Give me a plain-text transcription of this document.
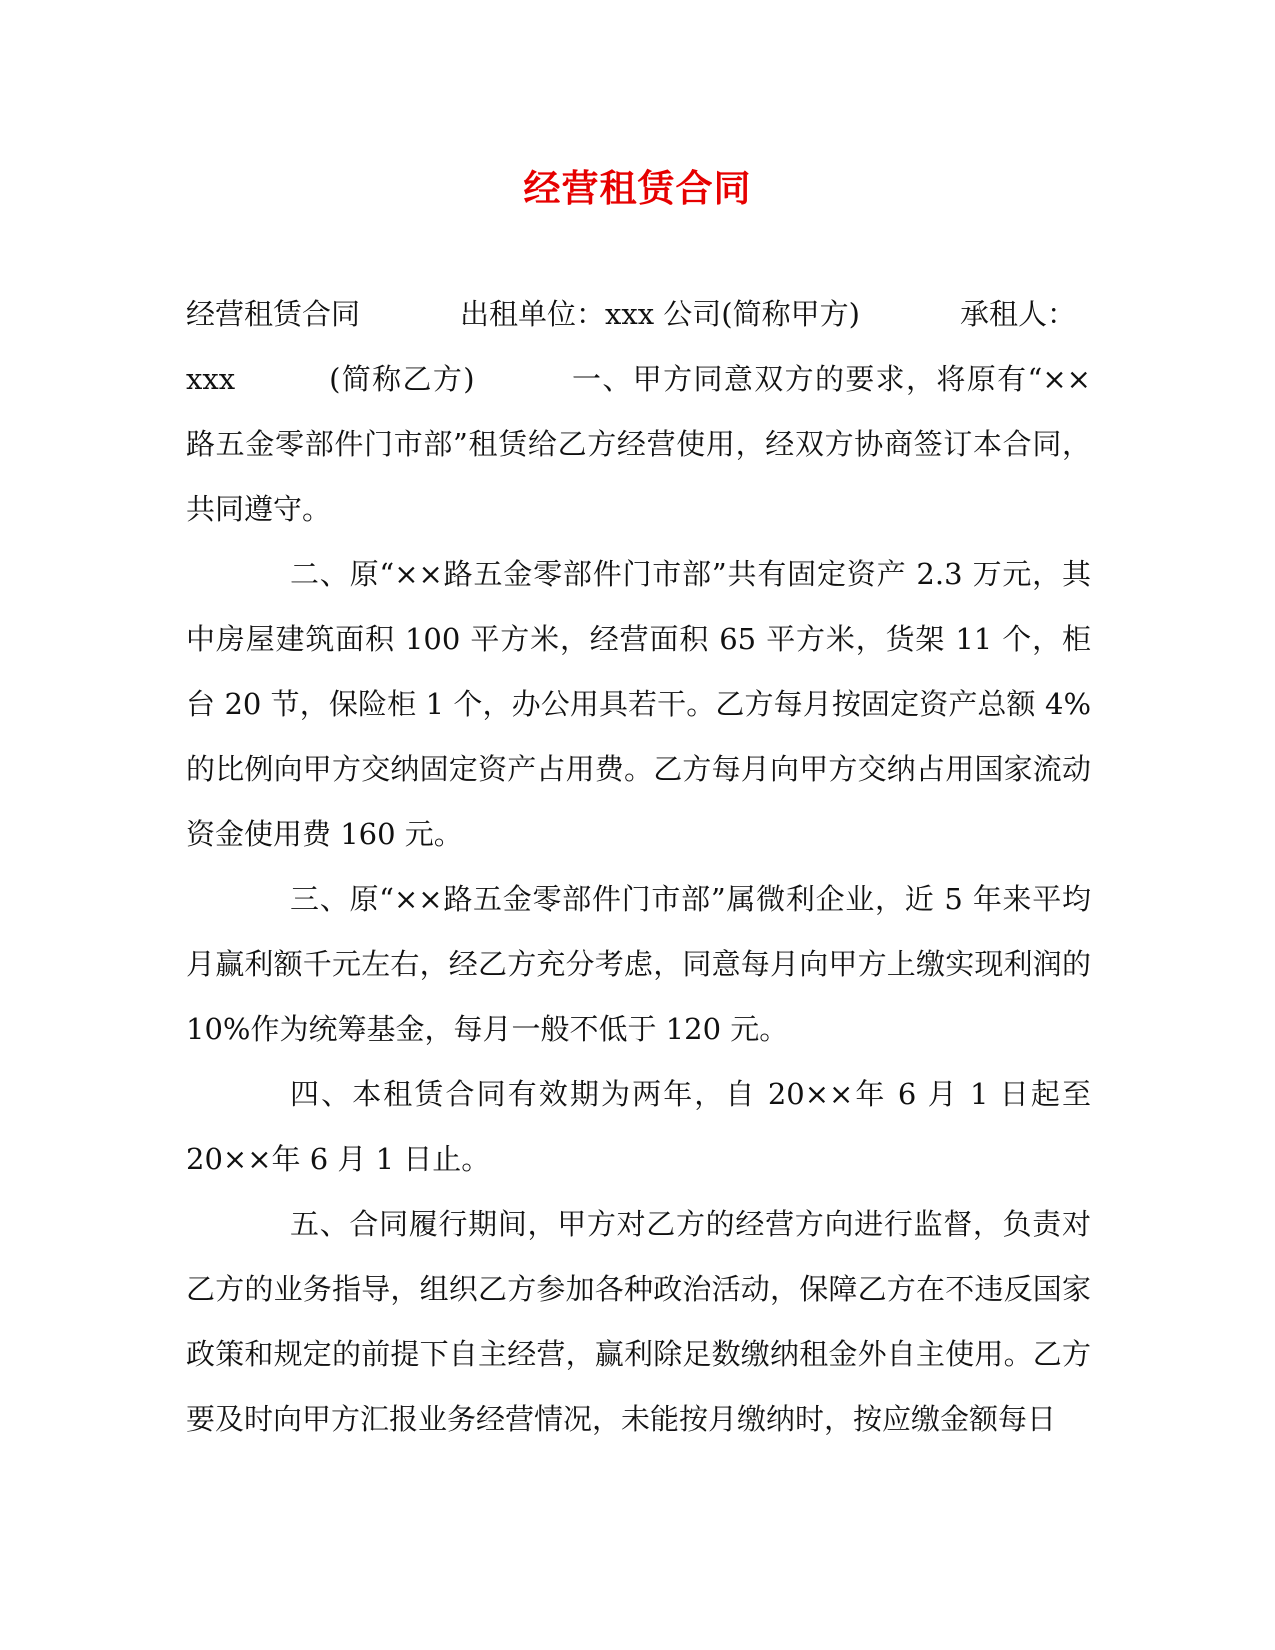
经营租赁合同

经营租赁合同	出租单位：xxx 公司(简称甲方)	承租人：
xxx	(简称乙方)	一、甲方同意双方的要求，将原有“××路五金零部件门市部”租赁给乙方经营使用，经双方协商签订本合同，共同遵守。

二、原“××路五金零部件门市部”共有固定资产 2.3 万元，其中房屋建筑面积 100 平方米，经营面积 65 平方米，货架 11 个，柜台 20 节，保险柜 1 个，办公用具若干。乙方每月按固定资产总额 4%的比例向甲方交纳固定资产占用费。乙方每月向甲方交纳占用国家流动资金使用费 160 元。

三、原“××路五金零部件门市部”属微利企业，近 5 年来平均月赢利额千元左右，经乙方充分考虑，同意每月向甲方上缴实现利润的 10%作为统筹基金，每月一般不低于 120 元。

四、本租赁合同有效期为两年，自 20××年 6 月 1 日起至 20××年 6 月 1 日止。

五、合同履行期间，甲方对乙方的经营方向进行监督，负责对乙方的业务指导，组织乙方参加各种政治活动，保障乙方在不违反国家政策和规定的前提下自主经营，赢利除足数缴纳租金外自主使用。乙方要及时向甲方汇报业务经营情况，未能按月缴纳时，按应缴金额每日
